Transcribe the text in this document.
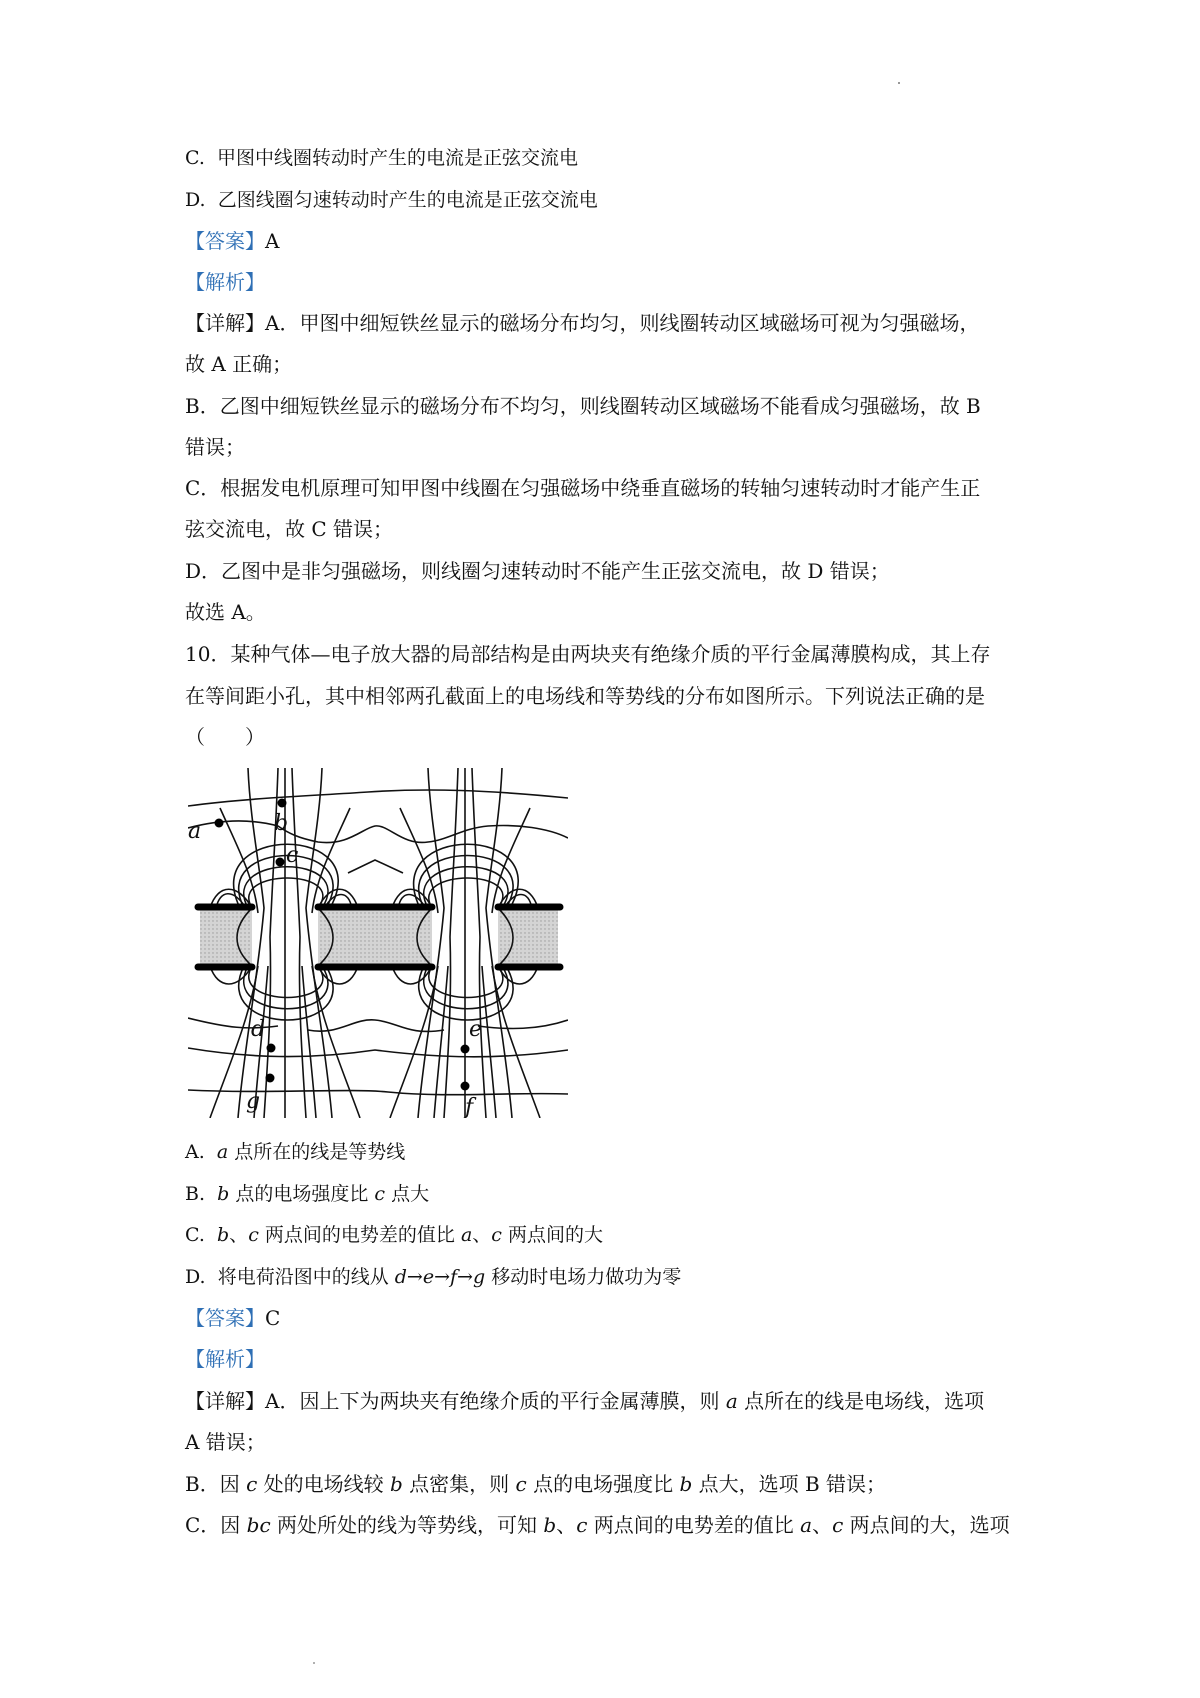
C. 甲图中线圈转动时产生的电流是正弦交流电
D. 乙图线圈匀速转动时产生的电流是正弦交流电
【答案】A
【解析】
【详解】A．甲图中细短铁丝显示的磁场分布均匀，则线圈转动区域磁场可视为匀强磁场，
故 A 正确；
B．乙图中细短铁丝显示的磁场分布不均匀，则线圈转动区域磁场不能看成匀强磁场，故 B
错误；
C．根据发电机原理可知甲图中线圈在匀强磁场中绕垂直磁场的转轴匀速转动时才能产生正
弦交流电，故 C 错误；
D．乙图中是非匀强磁场，则线圈匀速转动时不能产生正弦交流电，故 D 错误；
故选 A。
10．某种气体—电子放大器的局部结构是由两块夹有绝缘介质的平行金属薄膜构成，其上存
在等间距小孔，其中相邻两孔截面上的电场线和等势线的分布如图所示。下列说法正确的是
（　　）
a	b
c
d	e
f
g
A. a 点所在的线是等势线
B. b 点的电场强度比 c 点大
C. b、c 两点间的电势差的值比 a、c 两点间的大
D. 将电荷沿图中的线从 d→e→f→g 移动时电场力做功为零
【答案】C
【解析】
【详解】A．因上下为两块夹有绝缘介质的平行金属薄膜，则 a 点所在的线是电场线，选项
A 错误；
B．因 c 处的电场线较 b 点密集，则 c 点的电场强度比 b 点大，选项 B 错误；
C．因 bc 两处所处的线为等势线，可知 b、c 两点间的电势差的值比 a、c 两点间的大，选项
